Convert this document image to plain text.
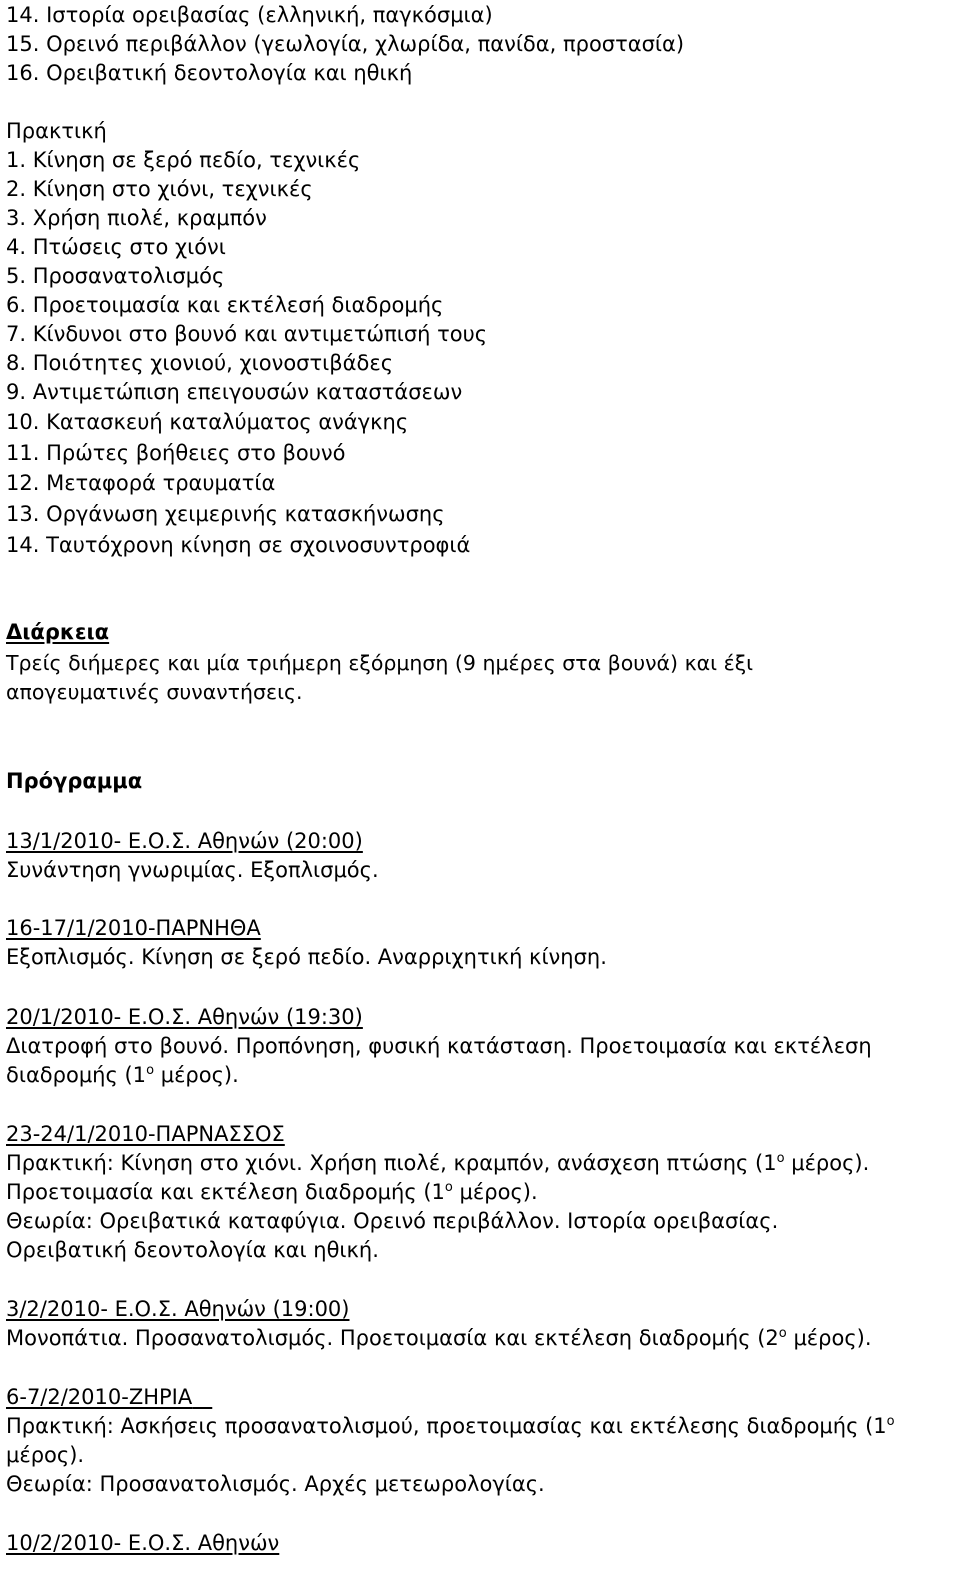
14. Ιστορία ορειβασίας (ελληνική, παγκόσμια)
15. Ορεινό περιβάλλον (γεωλογία, χλωρίδα, πανίδα, προστασία)
16. Ορειβατική δεοντολογία και ηθική
Πρακτική
1. Κίνηση σε ξερό πεδίο, τεχνικές
2. Κίνηση στο χιόνι, τεχνικές
3. Χρήση πιολέ, κραμπόν
4. Πτώσεις στο χιόνι
5. Προσανατολισμός
6. Προετοιμασία και εκτέλεσή διαδρομής
7. Κίνδυνοι στο βουνό και αντιμετώπισή τους
8. Ποιότητες χιονιού, χιονοστιβάδες
9. Αντιμετώπιση επειγουσών καταστάσεων
10. Κατασκευή καταλύματος ανάγκης
11. Πρώτες βοήθειες στο βουνό
12. Μεταφορά τραυματία
13. Οργάνωση χειμερινής κατασκήνωσης
14. Ταυτόχρονη κίνηση σε σχοινοσυντροφιά
Διάρκεια
Τρείς διήμερες και μία τριήμερη εξόρμηση (9 ημέρες στα βουνά) και έξι
απογευματινές συναντήσεις.
Πρόγραμμα
13/1/2010- Ε.Ο.Σ. Αθηνών (20:00)
Συνάντηση γνωριμίας. Εξοπλισμός.
16-17/1/2010-ΠΑΡΝΗΘΑ
Εξοπλισμός. Κίνηση σε ξερό πεδίο. Αναρριχητική κίνηση.
20/1/2010- Ε.Ο.Σ. Αθηνών (19:30)
Διατροφή στο βουνό. Προπόνηση, φυσική κατάσταση. Προετοιμασία και εκτέλεση
διαδρομής ($1^o$ μέρος).
23-24/1/2010-ΠΑΡΝΑΣΣΟΣ
Πρακτική: Κίνηση στο χιόνι. Χρήση πιολέ, κραμπόν, ανάσχεση πτώσης ($1^o$ μέρος).
Προετοιμασία και εκτέλεση διαδρομής ($1^o$ μέρος).
Θεωρία: Ορειβατικά καταφύγια. Ορεινό περιβάλλον. Ιστορία ορειβασίας.
Ορειβατική δεοντολογία και ηθική.
3/2/2010- Ε.Ο.Σ. Αθηνών (19:00)
Μονοπάτια. Προσανατολισμός. Προετοιμασία και εκτέλεση διαδρομής ($2^o$ μέρος).
6-7/2/2010-ΖΗΡΙΑ
Πρακτική: Ασκήσεις προσανατολισμού, προετοιμασίας και εκτέλεσης διαδρομής ($1^o$
μέρος).
Θεωρία: Προσανατολισμός. Αρχές μετεωρολογίας.
10/2/2010- Ε.Ο.Σ. Αθηνών
